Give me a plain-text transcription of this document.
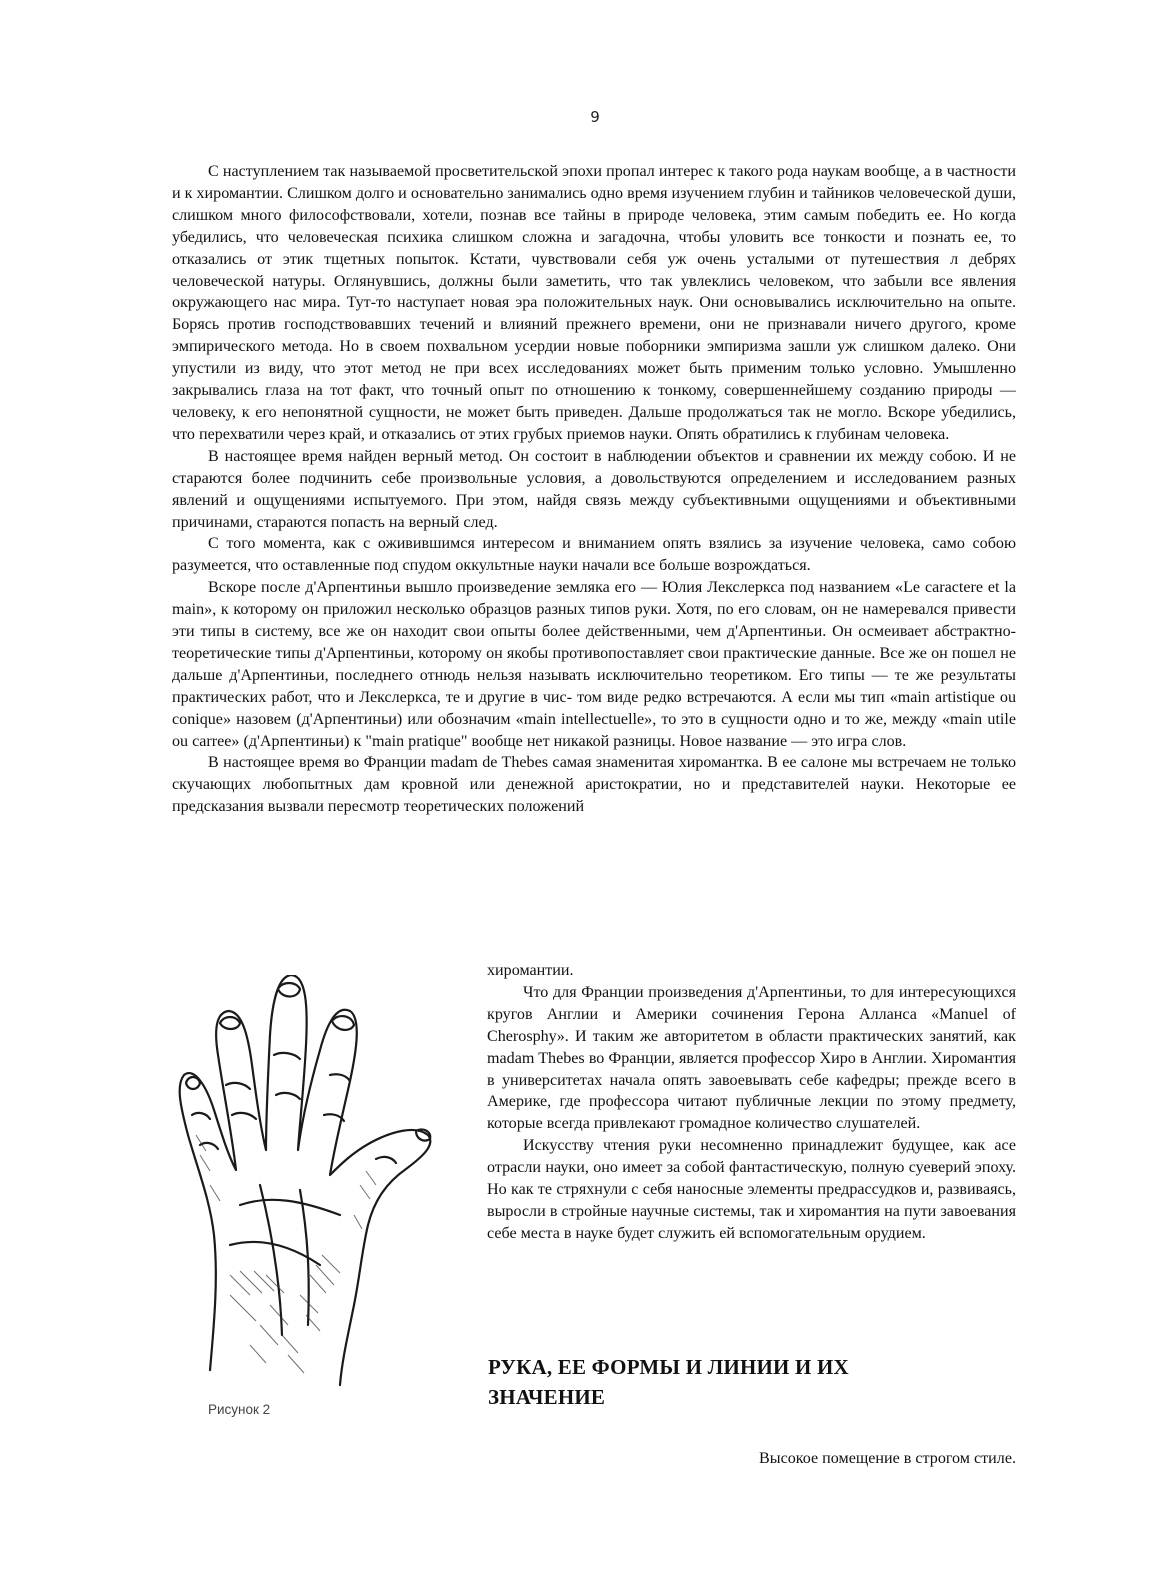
9

С наступлением так называемой просветительской эпохи пропал интерес к такого рода наукам вообще, а в частности и к хиромантии. Слишком долго и основательно занимались одно время изучением глубин и тайников человеческой души, слишком много философствовали, хотели, познав все тайны в природе человека, этим самым победить ее. Но когда убедились, что человеческая психика слишком сложна и загадочна, чтобы уловить все тонкости и познать ее, то отказались от этик тщетных попыток. Кстати, чувствовали себя уж очень усталыми от путешествия л дебрях человеческой натуры. Оглянувшись, должны были заметить, что так увлеклись человеком, что забыли все явления окружающего нас мира. Тут-то наступает новая эра положительных наук. Они основывались исключительно на опыте. Борясь против господствовавших течений и влияний прежнего времени, они не признавали ничего другого, кроме эмпирического метода. Но в своем похвальном усердии новые поборники эмпиризма зашли уж слишком далеко. Они упустили из виду, что этот метод не при всех исследованиях может быть применим только условно. Умышленно закрывались глаза на тот факт, что точный опыт по отношению к тонкому, совершеннейшему созданию природы — человеку, к его непонятной сущности, не может быть приведен. Дальше продолжаться так не могло. Вскоре убедились, что перехватили через край, и отказались от этих грубых приемов науки. Опять обратились к глубинам человека.

В настоящее время найден верный метод. Он состоит в наблюдении объектов и сравнении их между собою. И не стараются более подчинить себе произвольные условия, а довольствуются определением и исследованием разных явлений и ощущениями испытуемого. При этом, найдя связь между субъективными ощущениями и объективными причинами, стараются попасть на верный след.

С того момента, как с оживившимся интересом и вниманием опять взялись за изучение человека, само собою разумеется, что оставленные под спудом оккультные науки начали все больше возрождаться.

Вскоре после д'Арпентиньи вышло произведение земляка его — Юлия Лекслеркса под названием «Le caractere et la main», к которому он приложил несколько образцов разных типов руки. Хотя, по его словам, он не намеревался привести эти типы в систему, все же он находит свои опыты более действенными, чем д'Арпентиньи. Он осмеивает абстрактно-теоретические типы д'Арпентиньи, которому он якобы противопоставляет свои практические данные. Все же он пошел не дальше д'Арпентиньи, последнего отнюдь нельзя называть исключительно теоретиком. Его типы — те же результаты практических работ, что и Лекслеркса, те и другие в чис- том виде редко встречаются. А если мы тип «main artistique ou conique» назовем (д'Арпентиньи) или обозначим «main intellectuelle», то это в сущности одно и то же, между «main utile ou carree» (д'Арпентиньи) к "main pratique" вообще нет никакой разницы. Новое название — это игра слов.

В настоящее время во Франции madam de Thebes самая знаменитая хиромантка. В ее салоне мы встречаем не только скучающих любопытных дам кровной или денежной аристократии, но и представителей науки. Некоторые ее предсказания вызвали пересмотр теоретических положений

Рисунок 2

хиромантии.

Что для Франции произведения д'Арпентиньи, то для интересующихся кругов Англии и Америки сочинения Герона Алланса «Manuel of Cherosphy». И таким же авторитетом в области практических занятий, как madam Thebes во Франции, является профессор Хиро в Англии. Хиромантия в университетах начала опять завоевывать себе кафедры; прежде всего в Америке, где профессора читают публичные лекции по этому предмету, которые всегда привлекают громадное количество слушателей.

Искусству чтения руки несомненно принадлежит будущее, как асе отрасли науки, оно имеет за собой фантастическую, полную суеверий эпоху. Но как те стряхнули с себя наносные элементы предрассудков и, развиваясь, выросли в стройные научные системы, так и хиромантия на пути завоевания себе места в науке будет служить ей вспомогательным орудием.

РУКА, ЕЕ ФОРМЫ И ЛИНИИ И ИХ ЗНАЧЕНИЕ
Высокое помещение в строгом стиле.
